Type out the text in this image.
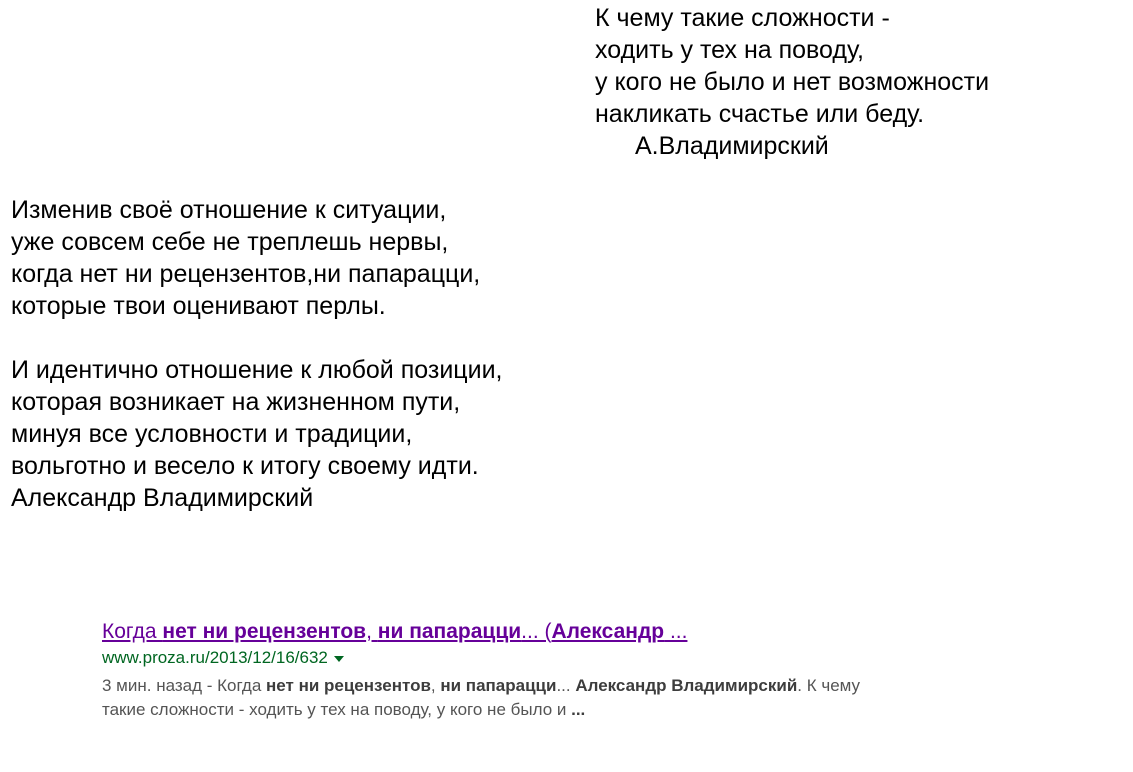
К чему такие сложности -
ходить у тех на поводу,
у кого не было и нет возможности
накликать счастье или беду.
А.Владимирский
Изменив своё отношение к ситуации,
уже совсем себе не треплешь нервы,
когда нет ни рецензентов,ни папарацци,
которые твои оценивают перлы.
И идентично отношение к любой позиции,
которая возникает на жизненном пути,
минуя все условности и традиции,
вольготно и весело к итогу своему идти.
Александр Владимирский
Когда нет ни рецензентов, ни папарацци... (Александр ...
www.proza.ru/2013/12/16/632
3 мин. назад - Когда нет ни рецензентов, ни папарацци... Александр Владимирский. К чему такие сложности - ходить у тех на поводу, у кого не было и ...
